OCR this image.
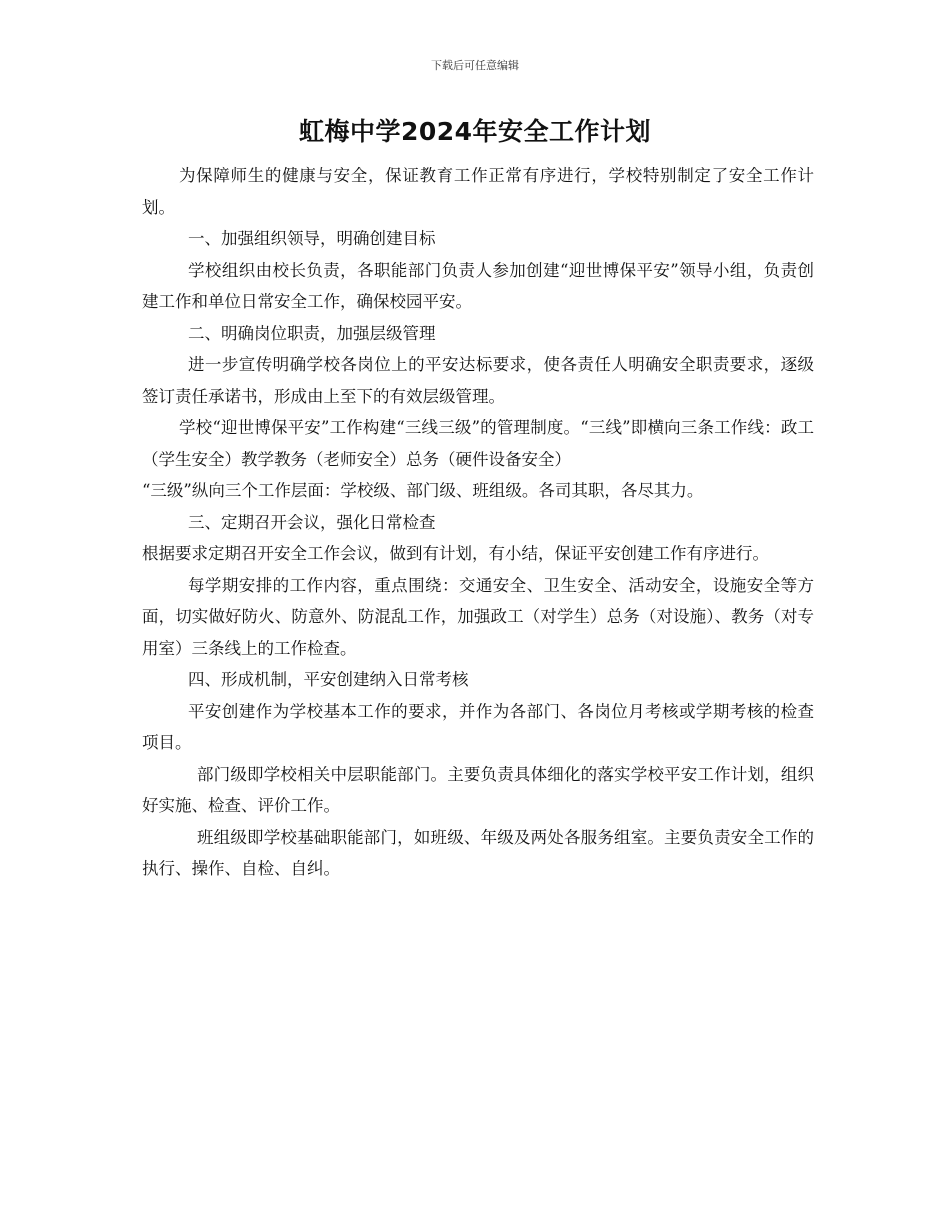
下载后可任意编辑
虹梅中学2024年安全工作计划

为保障师生的健康与安全，保证教育工作正常有序进行，学校特别制定了安全工作计划。

一、加强组织领导，明确创建目标

学校组织由校长负责，各职能部门负责人参加创建“迎世博保平安”领导小组，负责创建工作和单位日常安全工作，确保校园平安。

二、明确岗位职责，加强层级管理

进一步宣传明确学校各岗位上的平安达标要求，使各责任人明确安全职责要求，逐级签订责任承诺书，形成由上至下的有效层级管理。

学校“迎世博保平安”工作构建“三线三级”的管理制度。“三线”即横向三条工作线：政工（学生安全）教学教务（老师安全）总务（硬件设备安全）

“三级”纵向三个工作层面：学校级、部门级、班组级。各司其职，各尽其力。

三、定期召开会议，强化日常检查

根据要求定期召开安全工作会议，做到有计划，有小结，保证平安创建工作有序进行。

每学期安排的工作内容，重点围绕：交通安全、卫生安全、活动安全，设施安全等方面，切实做好防火、防意外、防混乱工作，加强政工（对学生）总务（对设施）、教务（对专用室）三条线上的工作检查。

四、形成机制，平安创建纳入日常考核

平安创建作为学校基本工作的要求，并作为各部门、各岗位月考核或学期考核的检查项目。

部门级即学校相关中层职能部门。主要负责具体细化的落实学校平安工作计划，组织好实施、检查、评价工作。

班组级即学校基础职能部门，如班级、年级及两处各服务组室。主要负责安全工作的执行、操作、自检、自纠。
